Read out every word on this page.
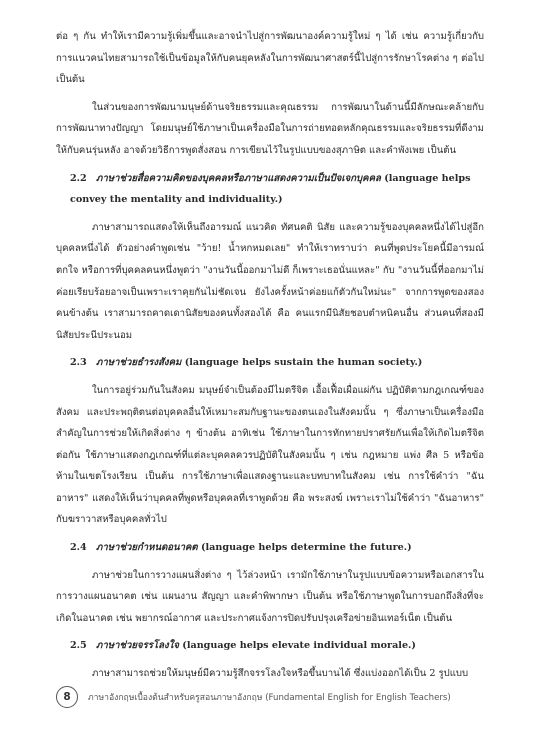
ต่อ ๆ กัน ทำให้เรามีความรู้เพิ่มขึ้นและอาจนำไปสู่การพัฒนาองค์ความรู้ใหม่ ๆ ได้ เช่น ความรู้เกี่ยวกับการแนวคนไทยสามารถใช้เป็นข้อมูลให้กับคนยุคหลังในการพัฒนาศาสตร์นี้ไปสู่การรักษาโรคต่าง ๆ ต่อไป เป็นต้น

ในส่วนของการพัฒนามนุษย์ด้านจริยธรรมและคุณธรรม การพัฒนาในด้านนี้มีลักษณะคล้ายกับการพัฒนาทางปัญญา โดยมนุษย์ใช้ภาษาเป็นเครื่องมือในการถ่ายทอดหลักคุณธรรมและจริยธรรมที่ดีงามให้กับคนรุ่นหลัง อาจด้วยวิธีการพูดสั่งสอน การเขียนไว้ในรูปแบบของสุภาษิต และคำพังเพย เป็นต้น

2.2 ภาษาช่วยสื่อความคิดของบุคคลหรือภาษาแสดงความเป็นปัจเจกบุคคล (language helps convey the mentality and individuality.)

ภาษาสามารถแสดงให้เห็นถึงอารมณ์ แนวคิด ทัศนคติ นิสัย และความรู้ของบุคคลหนึ่งได้ไปสู่อีกบุคคลหนึ่งได้ ตัวอย่างคำพูดเช่น "ว้าย! น้ำหกหมดเลย" ทำให้เราทราบว่า คนที่พูดประโยคนี้มีอารมณ์ตกใจ หรือการที่บุคคลคนหนึ่งพูดว่า "งานวันนี้ออกมาไม่ดี ก็เพราะเธอนั่นแหละ" กับ "งานวันนี้ที่ออกมาไม่ค่อยเรียบร้อยอาจเป็นเพราะเราคุยกันไม่ชัดเจน ยังไงครั้งหน้าค่อยแก้ตัวกันใหม่นะ" จากการพูดของสองคนข้างต้น เราสามารถคาดเดานิสัยของคนทั้งสองได้ คือ คนแรกมีนิสัยชอบตำหนิคนอื่น ส่วนคนที่สองมีนิสัยประนีประนอม

2.3 ภาษาช่วยธำรงสังคม (language helps sustain the human society.)

ในการอยู่ร่วมกันในสังคม มนุษย์จำเป็นต้องมีไมตรีจิต เอื้อเฟื้อเผื่อแผ่กัน ปฏิบัติตามกฎเกณฑ์ของสังคม และประพฤติตนต่อบุคคลอื่นให้เหมาะสมกับฐานะของตนเองในสังคมนั้น ๆ ซึ่งภาษาเป็นเครื่องมือสำคัญในการช่วยให้เกิดสิ่งต่าง ๆ ข้างต้น อาทิเช่น ใช้ภาษาในการทักทายปราศรัยกันเพื่อให้เกิดไมตรีจิตต่อกัน ใช้ภาษาแสดงกฎเกณฑ์ที่แต่ละบุคคลควรปฏิบัติในสังคมนั้น ๆ เช่น กฎหมาย แพ่ง ศีล 5 หรือข้อห้ามในเขตโรงเรียน เป็นต้น การใช้ภาษาเพื่อแสดงฐานะและบทบาทในสังคม เช่น การใช้คำว่า "ฉันอาหาร" แสดงให้เห็นว่าบุคคลที่พูดหรือบุคคลที่เราพูดด้วย คือ พระสงฆ์ เพราะเราไม่ใช้คำว่า "ฉันอาหาร" กับฆราวาสหรือบุคคลทั่วไป

2.4 ภาษาช่วยกำหนดอนาคต (language helps determine the future.)

ภาษาช่วยในการวางแผนสิ่งต่าง ๆ ไว้ล่วงหน้า เรามักใช้ภาษาในรูปแบบข้อความหรือเอกสารในการวางแผนอนาคต เช่น แผนงาน สัญญา และคำพิพากษา เป็นต้น หรือใช้ภาษาพูดในการบอกถึงสิ่งที่จะเกิดในอนาคต เช่น พยากรณ์อากาศ และประกาศแจ้งการปิดปรับปรุงเครือข่ายอินเทอร์เน็ต เป็นต้น

2.5 ภาษาช่วยจรรโลงใจ (language helps elevate individual morale.)

ภาษาสามารถช่วยให้มนุษย์มีความรู้สึกจรรโลงใจหรือขึ้นบานได้ ซึ่งแบ่งออกได้เป็น 2 รูปแบบ

8	ภาษาอังกฤษเบื้องต้นสำหรับครูสอนภาษาอังกฤษ (Fundamental English for English Teachers)
